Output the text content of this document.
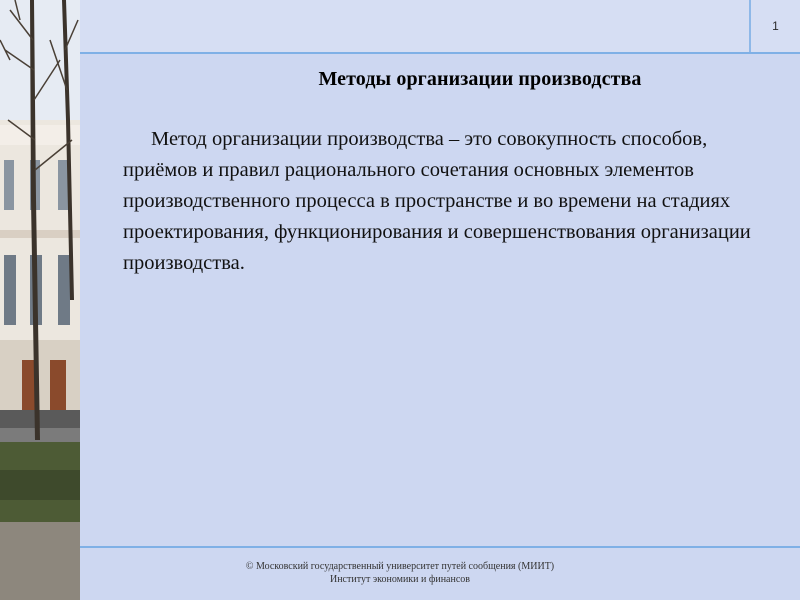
1
Методы организации производства
Метод организации производства – это совокупность способов, приёмов и правил рационального сочетания основных элементов производственного процесса в пространстве и во времени на стадиях проектирования, функционирования и совершенствования организации производства.
© Московский государственный университет путей сообщения (МИИТ)
Институт экономики и финансов
